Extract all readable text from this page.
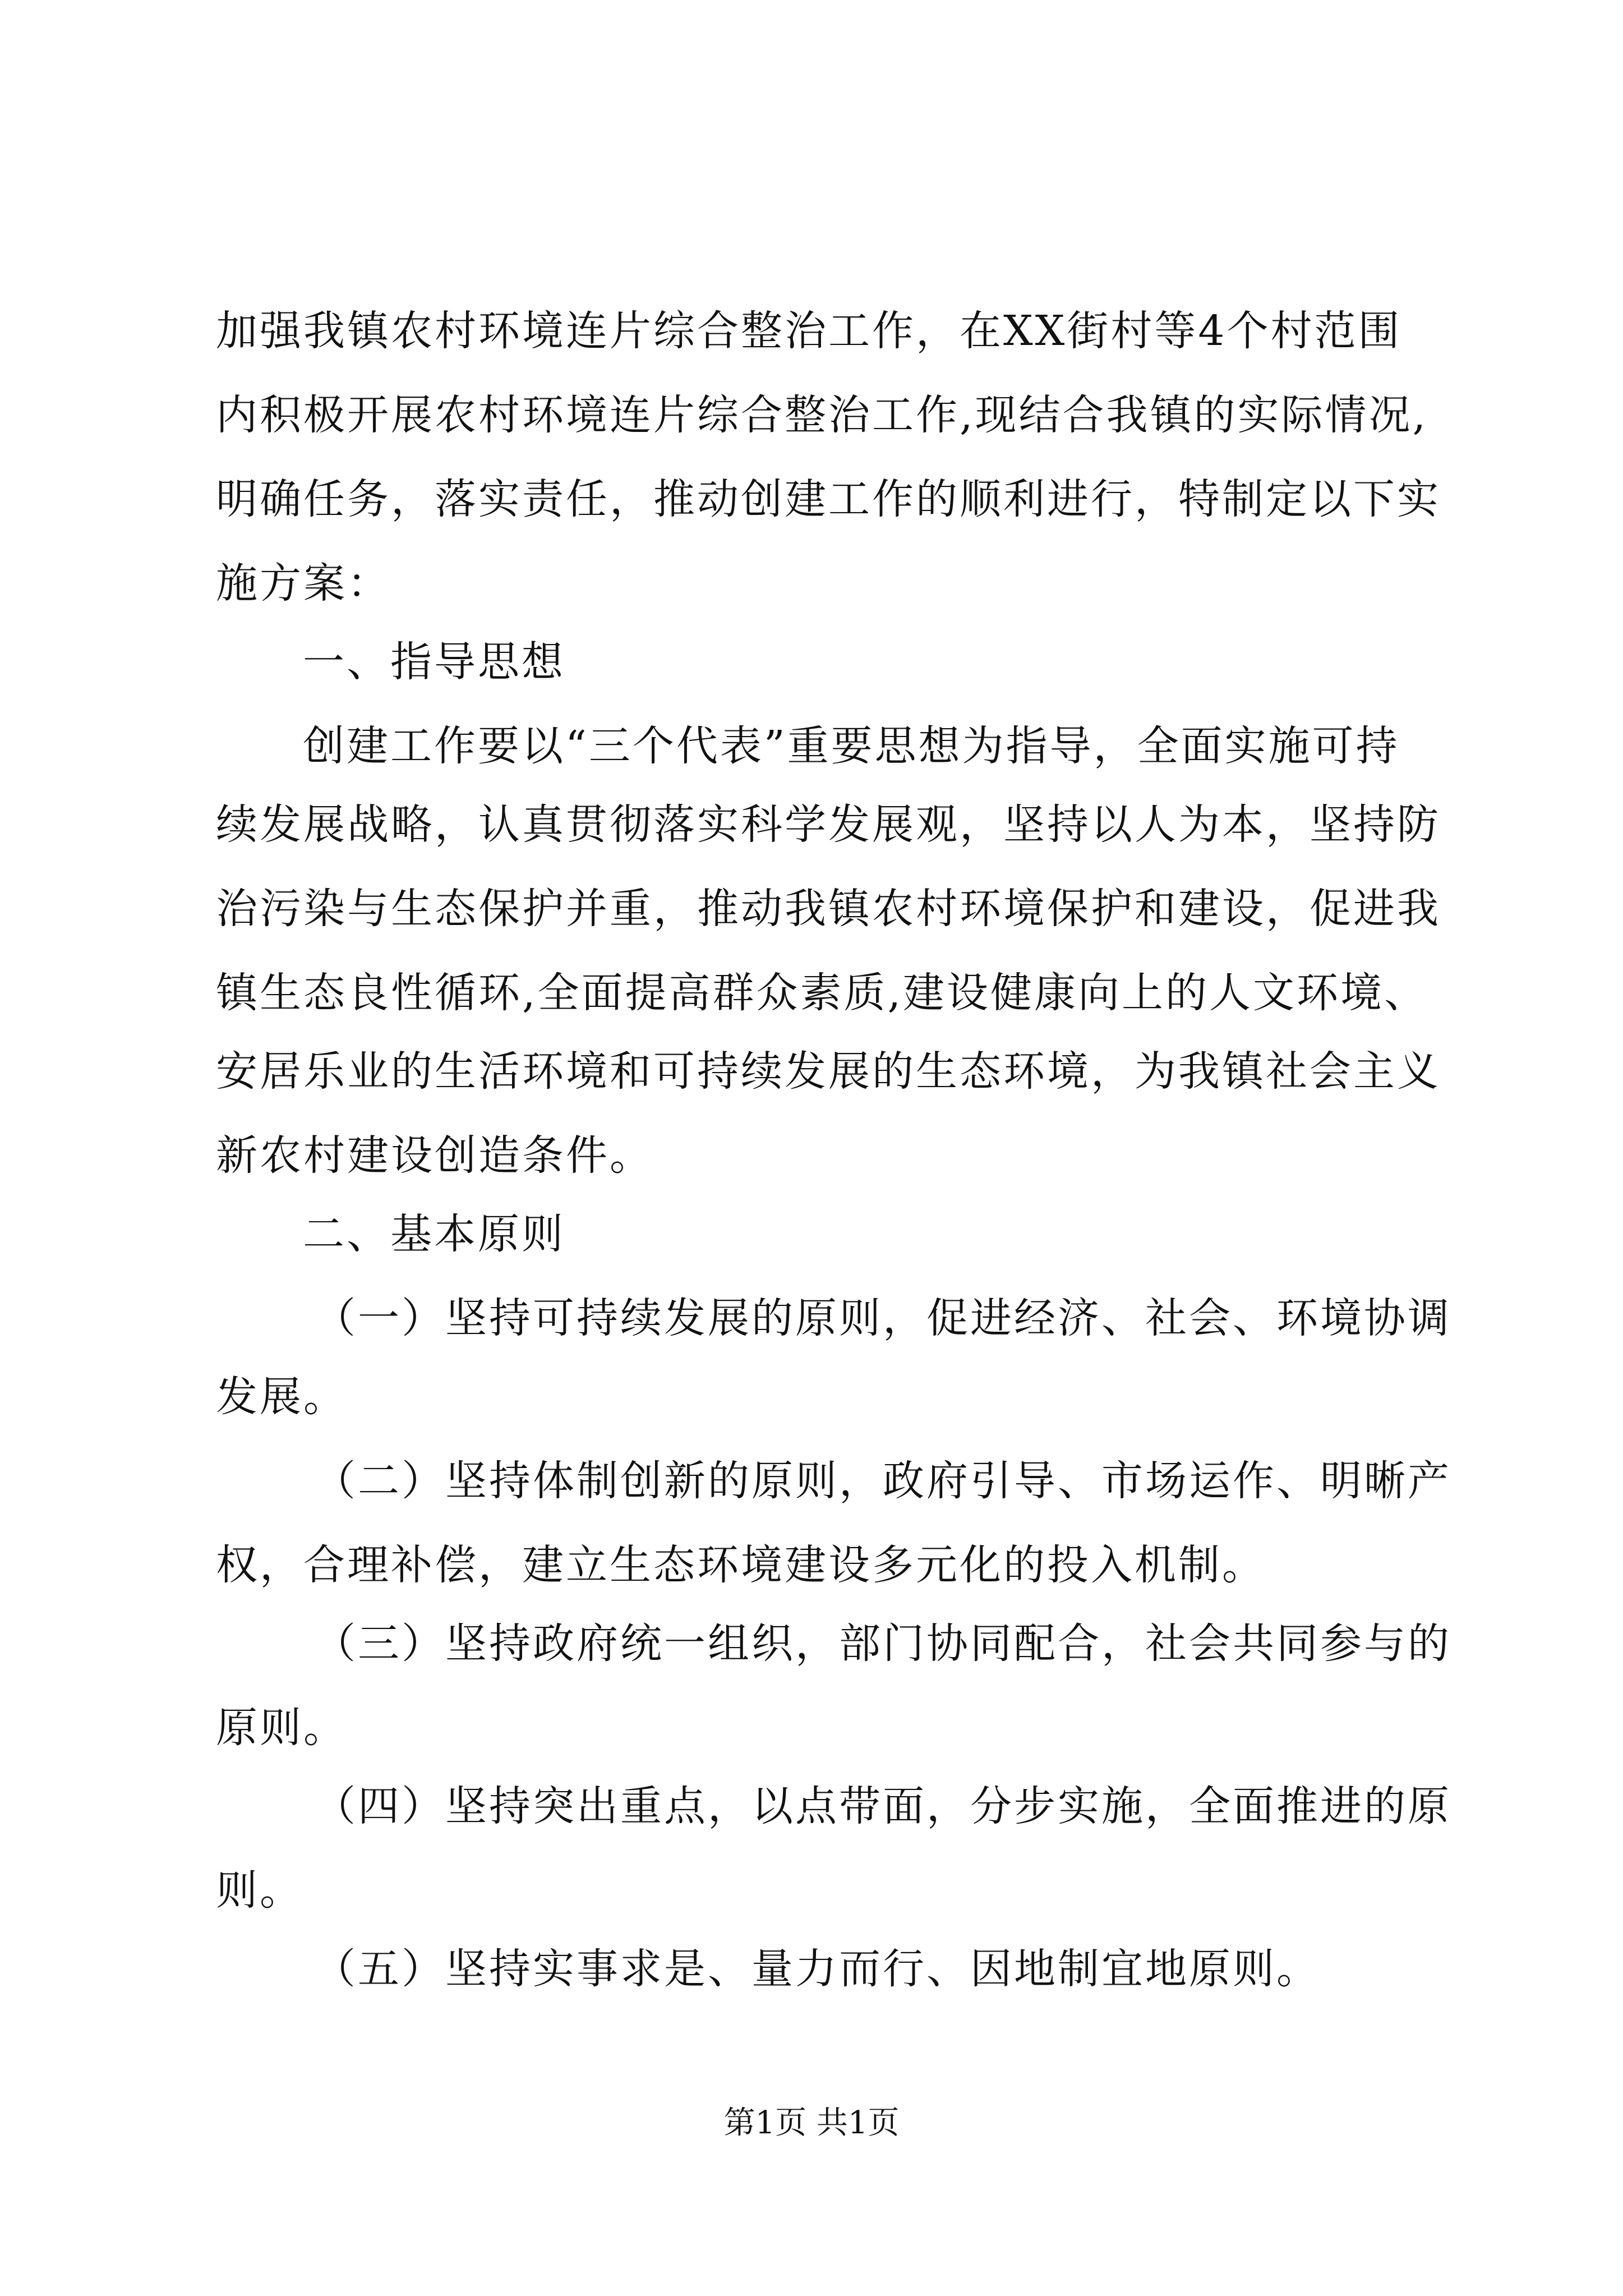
加强我镇农村环境连片综合整治工作，在XX街村等4个村范围
内积极开展农村环境连片综合整治工作,现结合我镇的实际情况,
明确任务，落实责任，推动创建工作的顺利进行，特制定以下实
施方案：
一、指导思想
创建工作要以“三个代表”重要思想为指导，全面实施可持
续发展战略，认真贯彻落实科学发展观，坚持以人为本，坚持防
治污染与生态保护并重，推动我镇农村环境保护和建设，促进我
镇生态良性循环,全面提高群众素质,建设健康向上的人文环境、
安居乐业的生活环境和可持续发展的生态环境，为我镇社会主义
新农村建设创造条件。
二、基本原则
（一）坚持可持续发展的原则，促进经济、社会、环境协调
发展。
（二）坚持体制创新的原则，政府引导、市场运作、明晰产
权，合理补偿，建立生态环境建设多元化的投入机制。
（三）坚持政府统一组织，部门协同配合，社会共同参与的
原则。
（四）坚持突出重点，以点带面，分步实施，全面推进的原
则。
（五）坚持实事求是、量力而行、因地制宜地原则。
第1页 共1页
